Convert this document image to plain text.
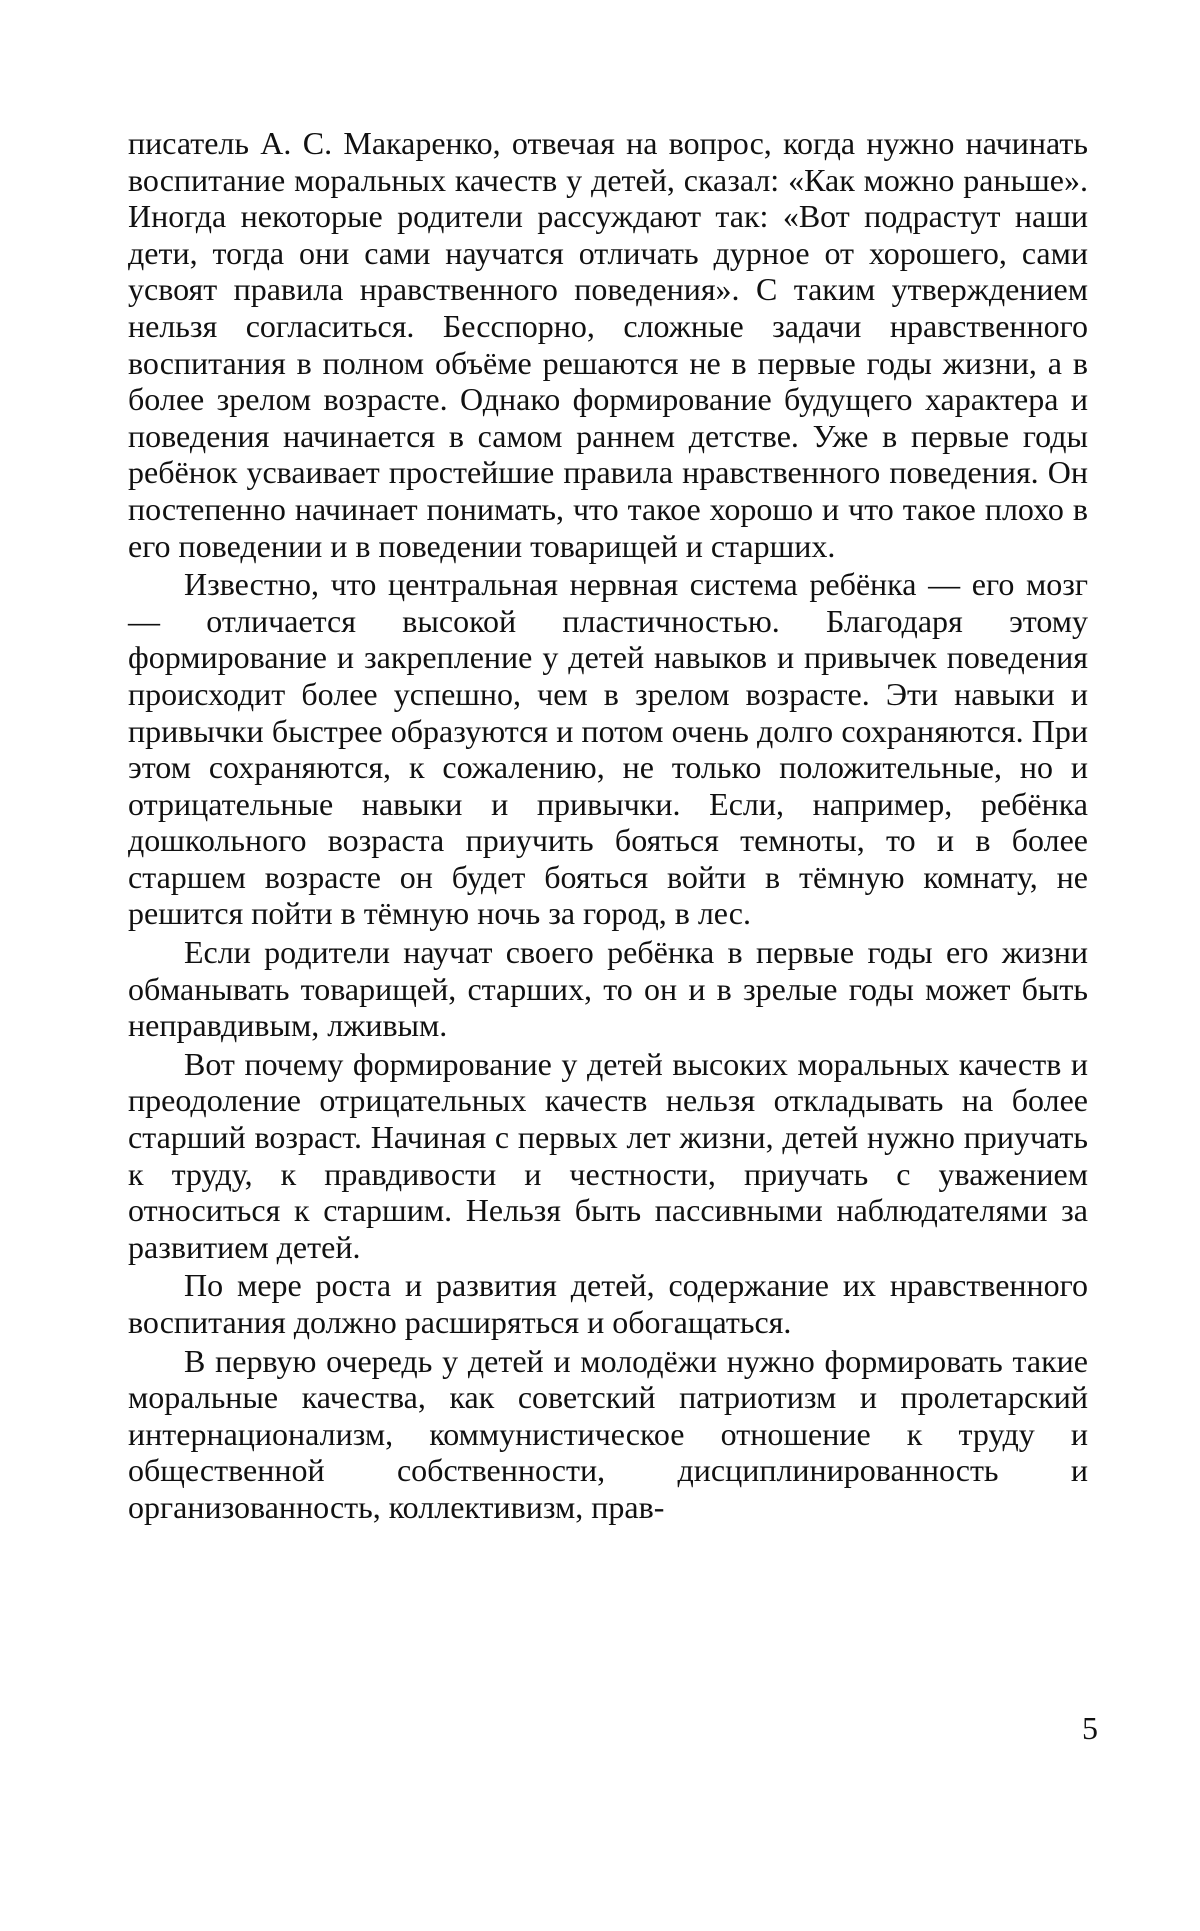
писатель А. С. Макаренко, отвечая на вопрос, когда нужно начинать воспитание моральных качеств у детей, сказал: «Как можно раньше». Иногда некоторые родители рассуждают так: «Вот подрастут наши дети, тогда они сами научатся отличать дурное от хорошего, сами усвоят правила нравственного поведения». С таким утверждением нельзя согласиться. Бесспорно, сложные задачи нравственного воспитания в полном объёме решаются не в первые годы жизни, а в более зрелом возрасте. Однако формирование будущего характера и поведения начинается в самом раннем детстве. Уже в первые годы ребёнок усваивает простейшие правила нравственного поведения. Он постепенно начинает понимать, что такое хорошо и что такое плохо в его поведении и в поведении товарищей и старших.

Известно, что центральная нервная система ребёнка — его мозг — отличается высокой пластичностью. Благодаря этому формирование и закрепление у детей навыков и привычек поведения происходит более успешно, чем в зрелом возрасте. Эти навыки и привычки быстрее образуются и потом очень долго сохраняются. При этом сохраняются, к сожалению, не только положительные, но и отрицательные навыки и привычки. Если, например, ребёнка дошкольного возраста приучить бояться темноты, то и в более старшем возрасте он будет бояться войти в тёмную комнату, не решится пойти в тёмную ночь за город, в лес.

Если родители научат своего ребёнка в первые годы его жизни обманывать товарищей, старших, то он и в зрелые годы может быть неправдивым, лживым.

Вот почему формирование у детей высоких моральных качеств и преодоление отрицательных качеств нельзя откладывать на более старший возраст. Начиная с первых лет жизни, детей нужно приучать к труду, к правдивости и честности, приучать с уважением относиться к старшим. Нельзя быть пассивными наблюдателями за развитием детей.

По мере роста и развития детей, содержание их нравственного воспитания должно расширяться и обогащаться.

В первую очередь у детей и молодёжи нужно формировать такие моральные качества, как советский патриотизм и пролетарский интернационализм, коммунистическое отношение к труду и общественной собственности, дисциплинированность и организованность, коллективизм, прав-

5
